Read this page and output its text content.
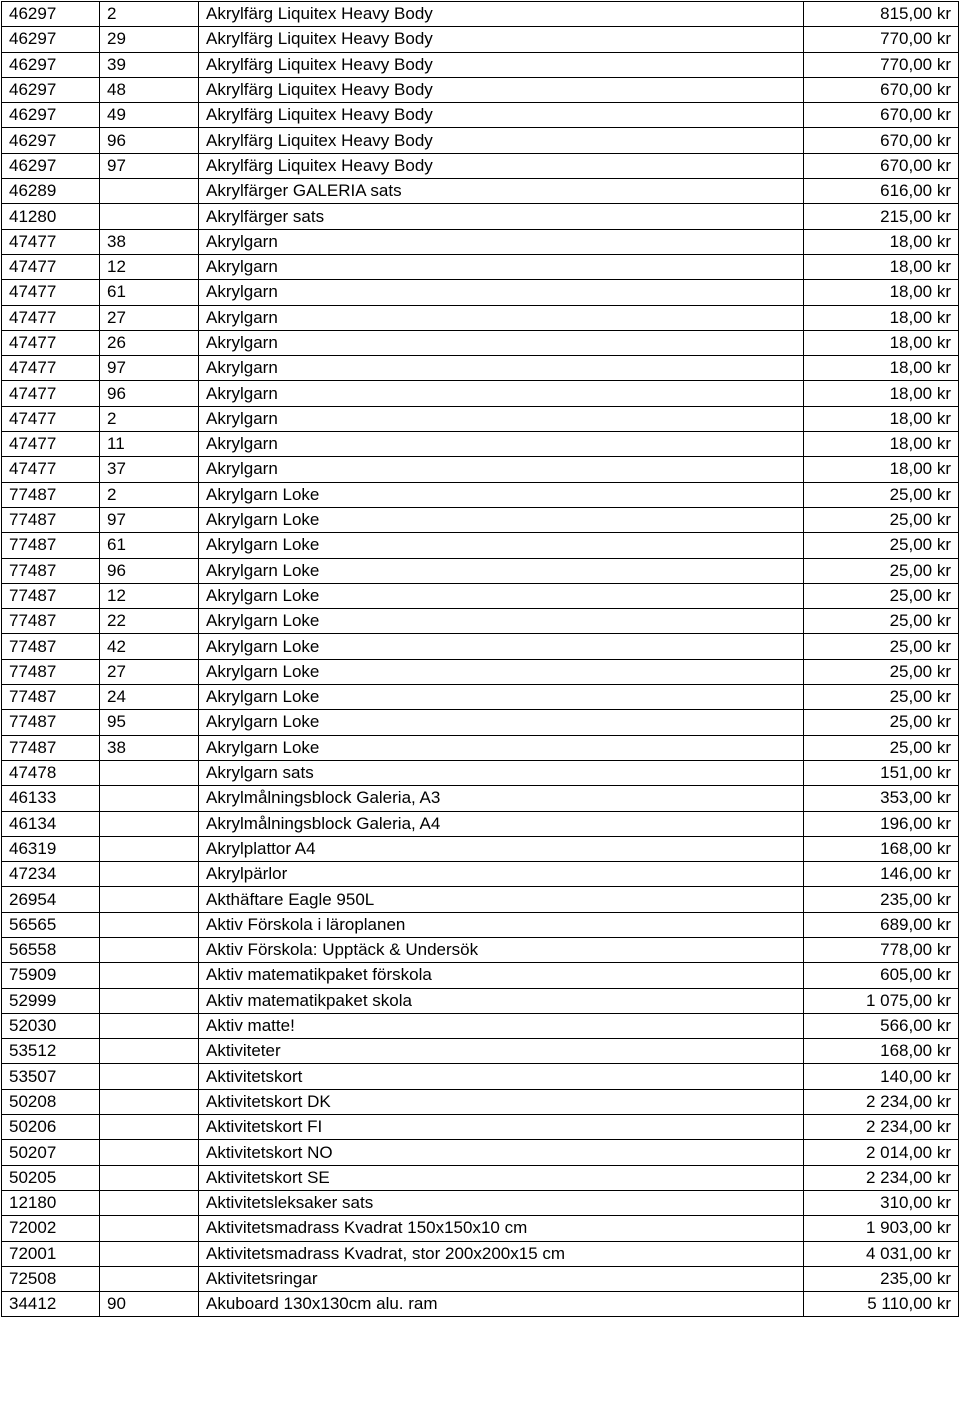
46297	2	Akrylfärg Liquitex Heavy Body	815,00 kr
46297	29	Akrylfärg Liquitex Heavy Body	770,00 kr
46297	39	Akrylfärg Liquitex Heavy Body	770,00 kr
46297	48	Akrylfärg Liquitex Heavy Body	670,00 kr
46297	49	Akrylfärg Liquitex Heavy Body	670,00 kr
46297	96	Akrylfärg Liquitex Heavy Body	670,00 kr
46297	97	Akrylfärg Liquitex Heavy Body	670,00 kr
46289		Akrylfärger GALERIA sats	616,00 kr
41280		Akrylfärger sats	215,00 kr
47477	38	Akrylgarn	18,00 kr
47477	12	Akrylgarn	18,00 kr
47477	61	Akrylgarn	18,00 kr
47477	27	Akrylgarn	18,00 kr
47477	26	Akrylgarn	18,00 kr
47477	97	Akrylgarn	18,00 kr
47477	96	Akrylgarn	18,00 kr
47477	2	Akrylgarn	18,00 kr
47477	11	Akrylgarn	18,00 kr
47477	37	Akrylgarn	18,00 kr
77487	2	Akrylgarn Loke	25,00 kr
77487	97	Akrylgarn Loke	25,00 kr
77487	61	Akrylgarn Loke	25,00 kr
77487	96	Akrylgarn Loke	25,00 kr
77487	12	Akrylgarn Loke	25,00 kr
77487	22	Akrylgarn Loke	25,00 kr
77487	42	Akrylgarn Loke	25,00 kr
77487	27	Akrylgarn Loke	25,00 kr
77487	24	Akrylgarn Loke	25,00 kr
77487	95	Akrylgarn Loke	25,00 kr
77487	38	Akrylgarn Loke	25,00 kr
47478		Akrylgarn sats	151,00 kr
46133		Akrylmålningsblock Galeria, A3	353,00 kr
46134		Akrylmålningsblock Galeria, A4	196,00 kr
46319		Akrylplattor A4	168,00 kr
47234		Akrylpärlor	146,00 kr
26954		Akthäftare Eagle 950L	235,00 kr
56565		Aktiv Förskola i läroplanen	689,00 kr
56558		Aktiv Förskola: Upptäck & Undersök	778,00 kr
75909		Aktiv matematikpaket förskola	605,00 kr
52999		Aktiv matematikpaket skola	1 075,00 kr
52030		Aktiv matte!	566,00 kr
53512		Aktiviteter	168,00 kr
53507		Aktivitetskort	140,00 kr
50208		Aktivitetskort DK	2 234,00 kr
50206		Aktivitetskort FI	2 234,00 kr
50207		Aktivitetskort NO	2 014,00 kr
50205		Aktivitetskort SE	2 234,00 kr
12180		Aktivitetsleksaker sats	310,00 kr
72002		Aktivitetsmadrass Kvadrat 150x150x10 cm	1 903,00 kr
72001		Aktivitetsmadrass Kvadrat, stor 200x200x15 cm	4 031,00 kr
72508		Aktivitetsringar	235,00 kr
34412	90	Akuboard 130x130cm alu. ram	5 110,00 kr
